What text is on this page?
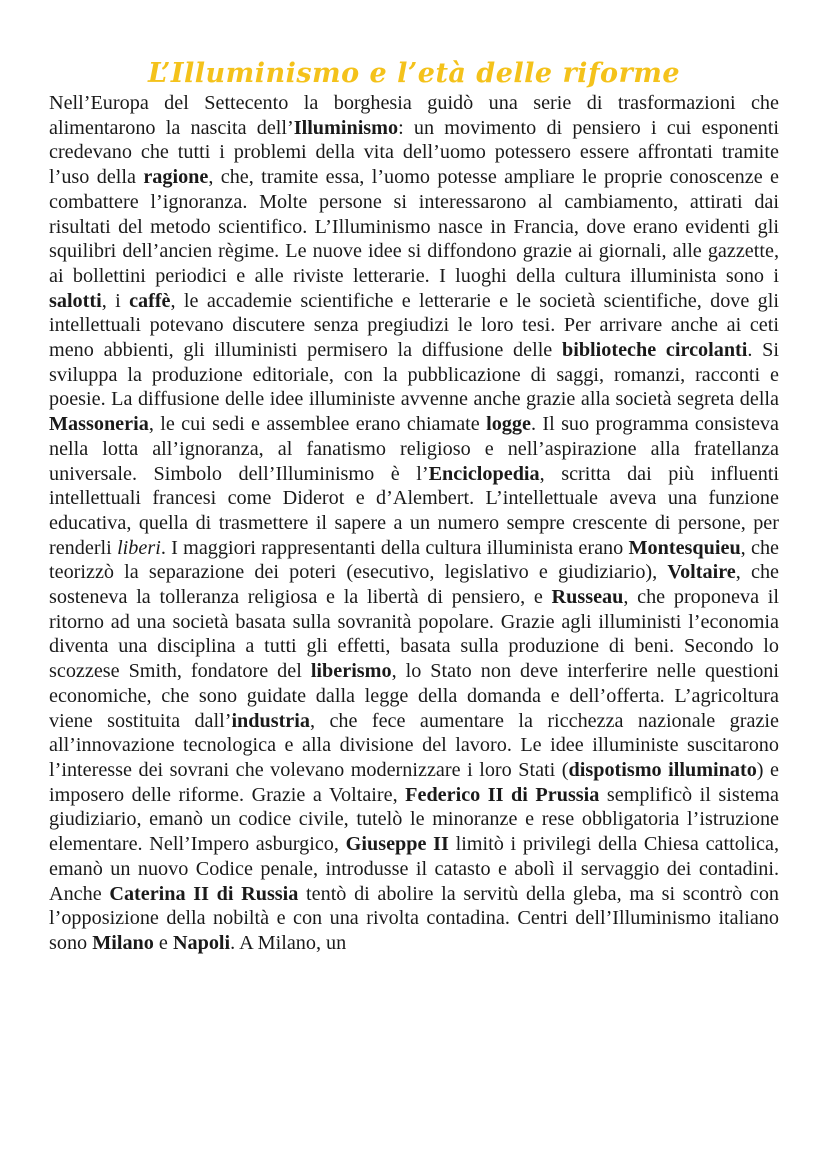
L’Illuminismo e l’età delle riforme

Nell’Europa del Settecento la borghesia guidò una serie di trasformazioni che alimentarono la nascita dell’Illuminismo: un movimento di pensiero i cui esponenti credevano che tutti i problemi della vita dell’uomo potessero essere affrontati tramite l’uso della ragione, che, tramite essa, l’uomo potesse ampliare le proprie conoscenze e combattere l’ignoranza. Molte persone si interessarono al cambiamento, attirati dai risultati del metodo scientifico. L’Illuminismo nasce in Francia, dove erano evidenti gli squilibri dell’ancien règime. Le nuove idee si diffondono grazie ai giornali, alle gazzette, ai bollettini periodici e alle riviste letterarie. I luoghi della cultura illuminista sono i salotti, i caffè, le accademie scientifiche e letterarie e le società scientifiche, dove gli intellettuali potevano discutere senza pregiudizi le loro tesi. Per arrivare anche ai ceti meno abbienti, gli illuministi permisero la diffusione delle biblioteche circolanti. Si sviluppa la produzione editoriale, con la pubblicazione di saggi, romanzi, racconti e poesie. La diffusione delle idee illuministe avvenne anche grazie alla società segreta della Massoneria, le cui sedi e assemblee erano chiamate logge. Il suo programma consisteva nella lotta all’ignoranza, al fanatismo religioso e nell’aspirazione alla fratellanza universale. Simbolo dell’Illuminismo è l’Enciclopedia, scritta dai più influenti intellettuali francesi come Diderot e d’Alembert. L’intellettuale aveva una funzione educativa, quella di trasmettere il sapere a un numero sempre crescente di persone, per renderli liberi. I maggiori rappresentanti della cultura illuminista erano Montesquieu, che teorizzò la separazione dei poteri (esecutivo, legislativo e giudiziario), Voltaire, che sosteneva la tolleranza religiosa e la libertà di pensiero, e Russeau, che proponeva il ritorno ad una società basata sulla sovranità popolare. Grazie agli illuministi l’economia diventa una disciplina a tutti gli effetti, basata sulla produzione di beni. Secondo lo scozzese Smith, fondatore del liberismo, lo Stato non deve interferire nelle questioni economiche, che sono guidate dalla legge della domanda e dell’offerta. L’agricoltura viene sostituita dall’industria, che fece aumentare la ricchezza nazionale grazie all’innovazione tecnologica e alla divisione del lavoro. Le idee illuministe suscitarono l’interesse dei sovrani che volevano modernizzare i loro Stati (dispotismo illuminato) e imposero delle riforme. Grazie a Voltaire, Federico II di Prussia semplificò il sistema giudiziario, emanò un codice civile, tutelò le minoranze e rese obbligatoria l’istruzione elementare. Nell’Impero asburgico, Giuseppe II limitò i privilegi della Chiesa cattolica, emanò un nuovo Codice penale, introdusse il catasto e abolì il servaggio dei contadini. Anche Caterina II di Russia tentò di abolire la servitù della gleba, ma si scontrò con l’opposizione della nobiltà e con una rivolta contadina. Centri dell’Illuminismo italiano sono Milano e Napoli. A Milano, un
